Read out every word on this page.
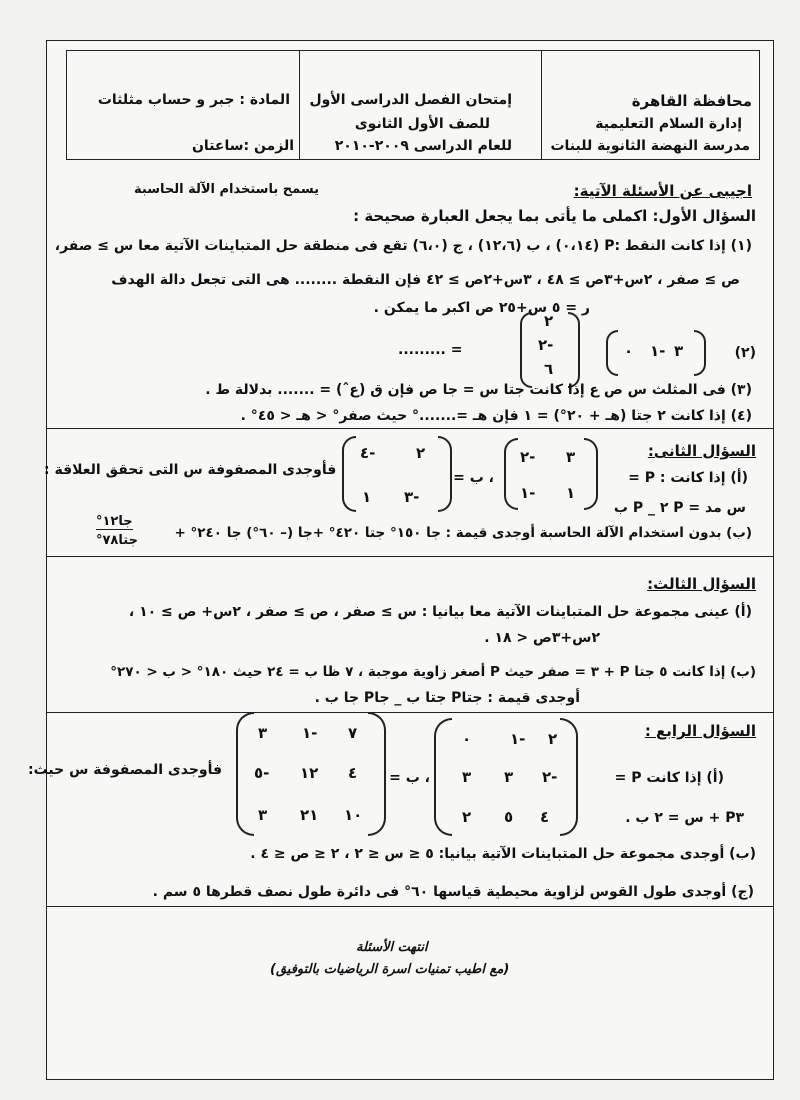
محافظة القاهرة
إدارة السلام التعليمية
مدرسة النهضة الثانوية للبنات
إمتحان الفصل الدراسى الأول
للصف الأول الثانوى
للعام الدراسى ٢٠٠٩-٢٠١٠
المادة : جبر و حساب مثلثات
الزمن :ساعتان
اجيبى عن الأسئلة الآتية:
يسمح باستخدام الآلة الحاسبة
السؤال الأول: اكملى ما يأتى بما يجعل العبارة صحيحة :
(١) إذا كانت النقط :P (٠،١٤) ، ب (١٢،٦) ، ج (٦،٠) تقع فى منطقة حل المتباينات الآتية معا س ≥ صفر،
ص ≥ صفر ، ٢س+٣ص ≥ ٤٨ ، ٣س+٢ص ≥ ٤٢ فإن النقطة ........ هى التى تجعل دالة الهدف
ر = ٥ س+٢٥ ص اكبر ما يمكن .
(٢)
٣
١-
٠
٢
٢-
٦
= .........
(٣) فى المثلث س ص ع إذا كانت جتا س = جا ص فإن ق (عˆ) = ....... بدلالة ط .
(٤) إذا كانت ٢ جتا (هـ + ٢٠°) = ١ فإن هـ =.......° حيث صفر° < هـ < ٤٥° .
السؤال الثانى:
(أ) إذا كانت : P =
٣
٢-
١
١-
، ب =
٢
٤-
٣-
١
فأوجدى المصفوفة س التى تحقق العلاقة :
س مد = P ٢ _ P ب
(ب) بدون استخدام الآلة الحاسبة أوجدى قيمة : جا ١٥٠° جتا ٤٢٠° +جا (– ٦٠°) جا ٢٤٠° +
جا١٢°
جتا٧٨°
السؤال الثالث:
(أ) عينى مجموعة حل المتباينات الآتية معا بيانيا : س ≥ صفر ، ص ≥ صفر ، ٢س+ ص ≥ ١٠ ،
٢س+٣ص < ١٨ .
(ب) إذا كانت ٥ جتا P + ٣ = صفر حيث P أصغر زاوية موجبة ، ٧ ظا ب = ٢٤ حيث ١٨٠° < ب < ٢٧٠°
أوجدى قيمة : جتاP جتا ب _ جاP جا ب .
السؤال الرابع :
(أ) إذا كانت P =
P٣ + س = ٢ ب .
٢
١-
٠
٢-
٣
٣
٤
٥
٢
، ب =
٧
١-
٣
٤
١٢
٥-
١٠
٢١
٣
فأوجدى المصفوفة س حيث:
(ب) أوجدى مجموعة حل المتباينات الآتية بيانيا: ٥ ≤ س ≤ ٢ ، ٢ ≤ ص ≤ ٤ .
(ج) أوجدى طول القوس لزاوية محيطية قياسها ٦٠° فى دائرة طول نصف قطرها ٥ سم .
انتهت الأسئلة
(مع اطيب تمنيات اسرة الرياضيات بالتوفيق)
